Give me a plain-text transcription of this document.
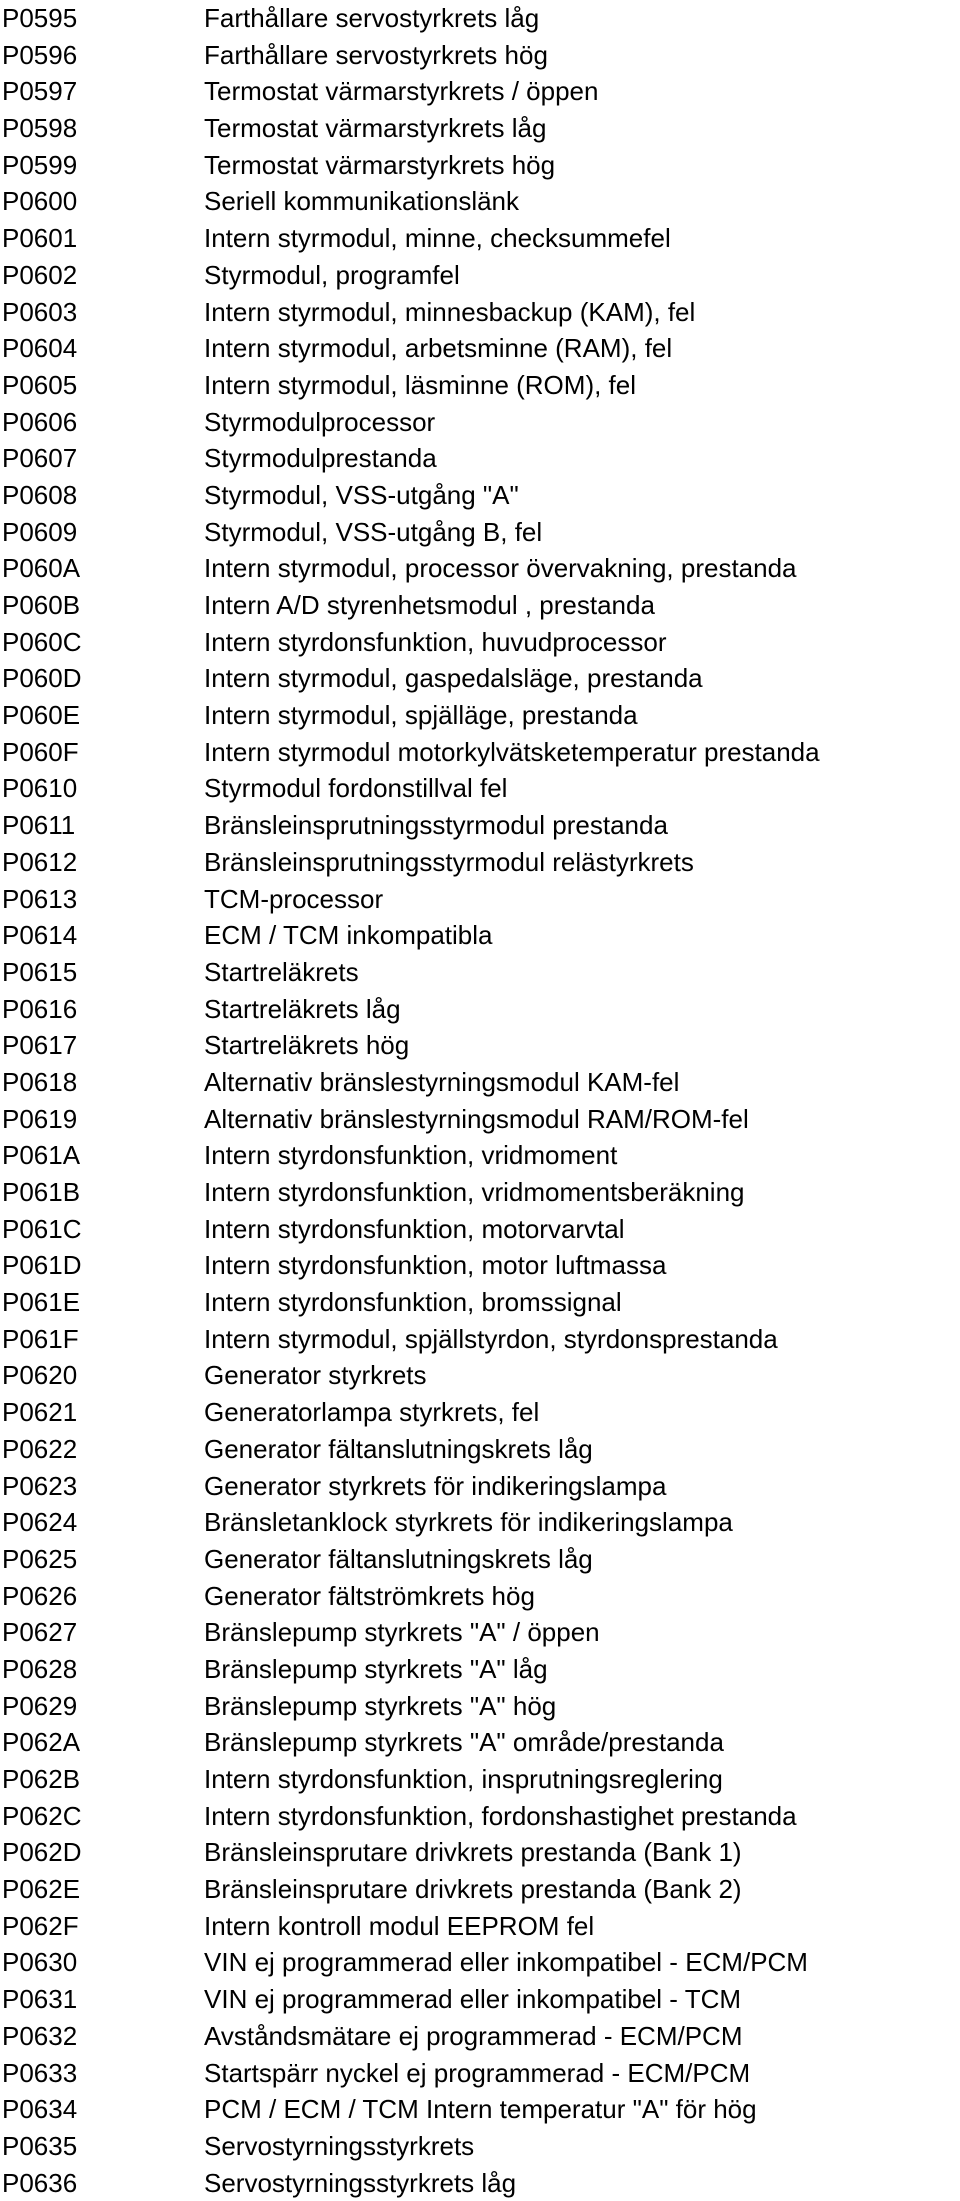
P0595	Farthållare servostyrkrets låg
P0596	Farthållare servostyrkrets hög
P0597	Termostat värmarstyrkrets / öppen
P0598	Termostat värmarstyrkrets låg
P0599	Termostat värmarstyrkrets hög
P0600	Seriell kommunikationslänk
P0601	Intern styrmodul, minne, checksummefel
P0602	Styrmodul, programfel
P0603	Intern styrmodul, minnesbackup (KAM), fel
P0604	Intern styrmodul, arbetsminne (RAM), fel
P0605	Intern styrmodul, läsminne (ROM), fel
P0606	Styrmodulprocessor
P0607	Styrmodulprestanda
P0608	Styrmodul, VSS-utgång "A"
P0609	Styrmodul, VSS-utgång B, fel
P060A	Intern styrmodul, processor övervakning, prestanda
P060B	Intern A/D styrenhetsmodul , prestanda
P060C	Intern styrdonsfunktion, huvudprocessor
P060D	Intern styrmodul, gaspedalsläge, prestanda
P060E	Intern styrmodul, spjälläge, prestanda
P060F	Intern styrmodul motorkylvätsketemperatur prestanda
P0610	Styrmodul fordonstillval fel
P0611	Bränsleinsprutningsstyrmodul prestanda
P0612	Bränsleinsprutningsstyrmodul relästyrkrets
P0613	TCM-processor
P0614	ECM / TCM inkompatibla
P0615	Startreläkrets
P0616	Startreläkrets låg
P0617	Startreläkrets hög
P0618	Alternativ bränslestyrningsmodul KAM-fel
P0619	Alternativ bränslestyrningsmodul RAM/ROM-fel
P061A	Intern styrdonsfunktion, vridmoment
P061B	Intern styrdonsfunktion, vridmomentsberäkning
P061C	Intern styrdonsfunktion, motorvarvtal
P061D	Intern styrdonsfunktion, motor luftmassa
P061E	Intern styrdonsfunktion, bromssignal
P061F	Intern styrmodul, spjällstyrdon, styrdonsprestanda
P0620	Generator styrkrets
P0621	Generatorlampa styrkrets, fel
P0622	Generator fältanslutningskrets låg
P0623	Generator styrkrets för indikeringslampa
P0624	Bränsletanklock styrkrets för indikeringslampa
P0625	Generator fältanslutningskrets låg
P0626	Generator fältströmkrets hög
P0627	Bränslepump styrkrets "A" / öppen
P0628	Bränslepump styrkrets "A" låg
P0629	Bränslepump styrkrets "A" hög
P062A	Bränslepump styrkrets "A" område/prestanda
P062B	Intern styrdonsfunktion, insprutningsreglering
P062C	Intern styrdonsfunktion, fordonshastighet prestanda
P062D	Bränsleinsprutare drivkrets prestanda (Bank 1)
P062E	Bränsleinsprutare drivkrets prestanda (Bank 2)
P062F	Intern kontroll modul EEPROM fel
P0630	VIN ej programmerad eller inkompatibel - ECM/PCM
P0631	VIN ej programmerad eller inkompatibel - TCM
P0632	Avståndsmätare ej programmerad - ECM/PCM
P0633	Startspärr nyckel ej programmerad - ECM/PCM
P0634	PCM / ECM / TCM Intern temperatur "A" för hög
P0635	Servostyrningsstyrkrets
P0636	Servostyrningsstyrkrets låg
